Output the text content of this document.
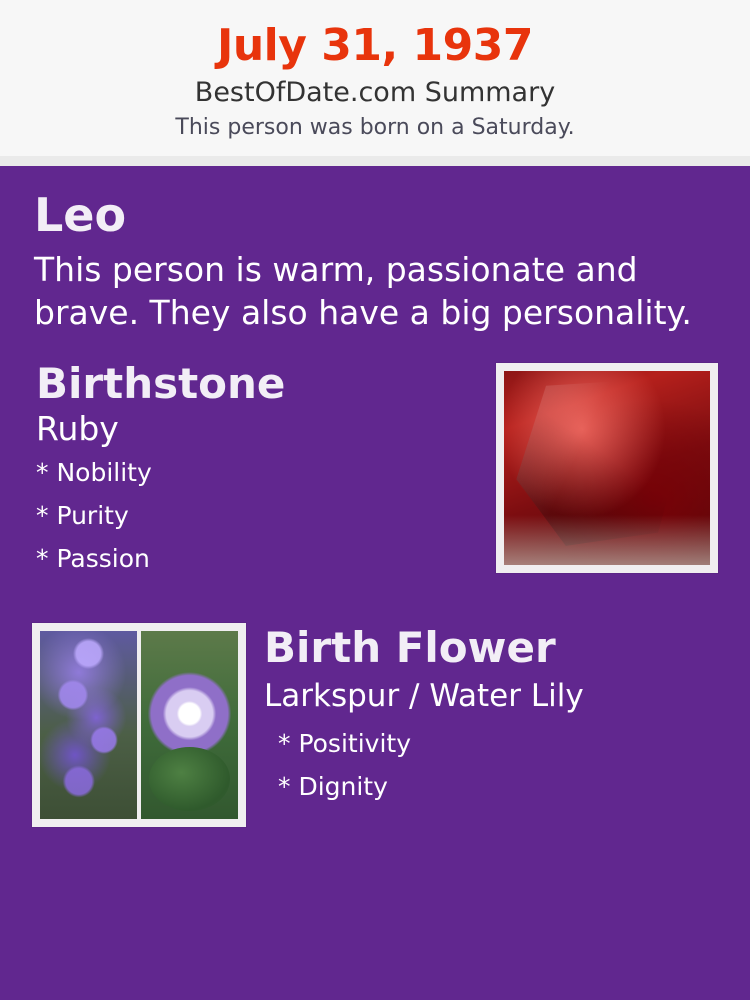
July 31, 1937
BestOfDate.com Summary
This person was born on a Saturday.
Leo
This person is warm, passionate and brave. They also have a big personality.
Birthstone
Ruby
* Nobility
* Purity
* Passion
Birth Flower
Larkspur / Water Lily
* Positivity
* Dignity
